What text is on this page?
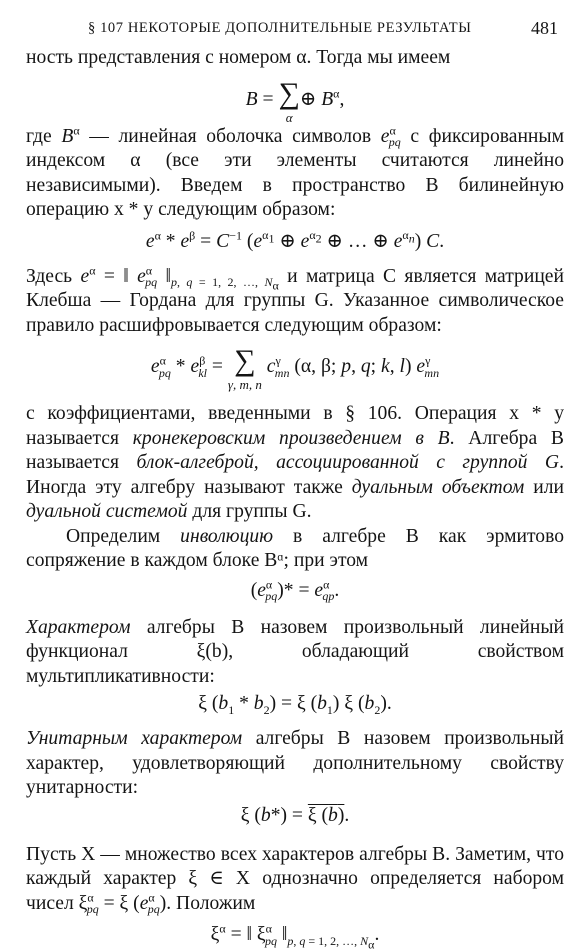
§ 107 НЕКОТОРЫЕ ДОПОЛНИТЕЛЬНЫЕ РЕЗУЛЬТАТЫ	481

ность представления с номером α. Тогда мы имеем

B = ∑
α
⊕ $B^\alpha$,

где $B^\alpha$ — линейная оболочка символов $e^\alpha_{pq}$ с фиксированным индексом α (все эти элементы считаются линейно независимыми). Введем в пространство B билинейную операцию x * y следующим образом:

$e^\alpha * e^\beta = C^{-1}$ ($e^{\alpha_1}$ ⊕ $e^{\alpha_2}$ ⊕ … ⊕ $e^{\alpha_n}$) C.

Здесь $e^\alpha$ = ‖ $e^\alpha_{pq}$ $‖_{p, q = 1, 2, \dots, N_\alpha}$ и матрица C является матрицей Клебша — Гордана для группы G. Указанное символическое правило расшифровывается следующим образом:

$e^\alpha_{pq} * e^\beta_{kl}$ = ∑
γ, m, n
$c^\gamma_{mn}$ (α, β; p, q; k, l) $e^\gamma_{mn}$

с коэффициентами, введенными в § 106. Операция x * y называется кронекеровским произведением в B. Алгебра B называется блок-алгеброй, ассоциированной с группой G. Иногда эту алгебру называют также дуальным объектом или дуальной системой для группы G.

Определим инволюцию в алгебре B как эрмитово сопряжение в каждом блоке Bᵅ; при этом

$(e^\alpha_{pq})* = e^\alpha_{qp}$.

Характером алгебры B назовем произвольный линейный функционал ξ(b), обладающий свойством мультипликативности:

ξ $(b_1 * b_2) = \xi$ $(b_1)$ ξ $(b_2)$.

Унитарным характером алгебры B назовем произвольный характер, удовлетворяющий дополнительному свойству унитарности:

ξ (b*) = ξ (b).

Пусть X — множество всех характеров алгебры B. Заметим, что каждый характер ξ ∈ X однозначно определяется набором чисел $\xi^\alpha_{pq} = \xi$ $(e^\alpha_{pq})$. Положим

$\xi^\alpha$ = ‖ $\xi^\alpha_{pq}$ $‖_{p, q = 1, 2, \dots, N_\alpha}$.
